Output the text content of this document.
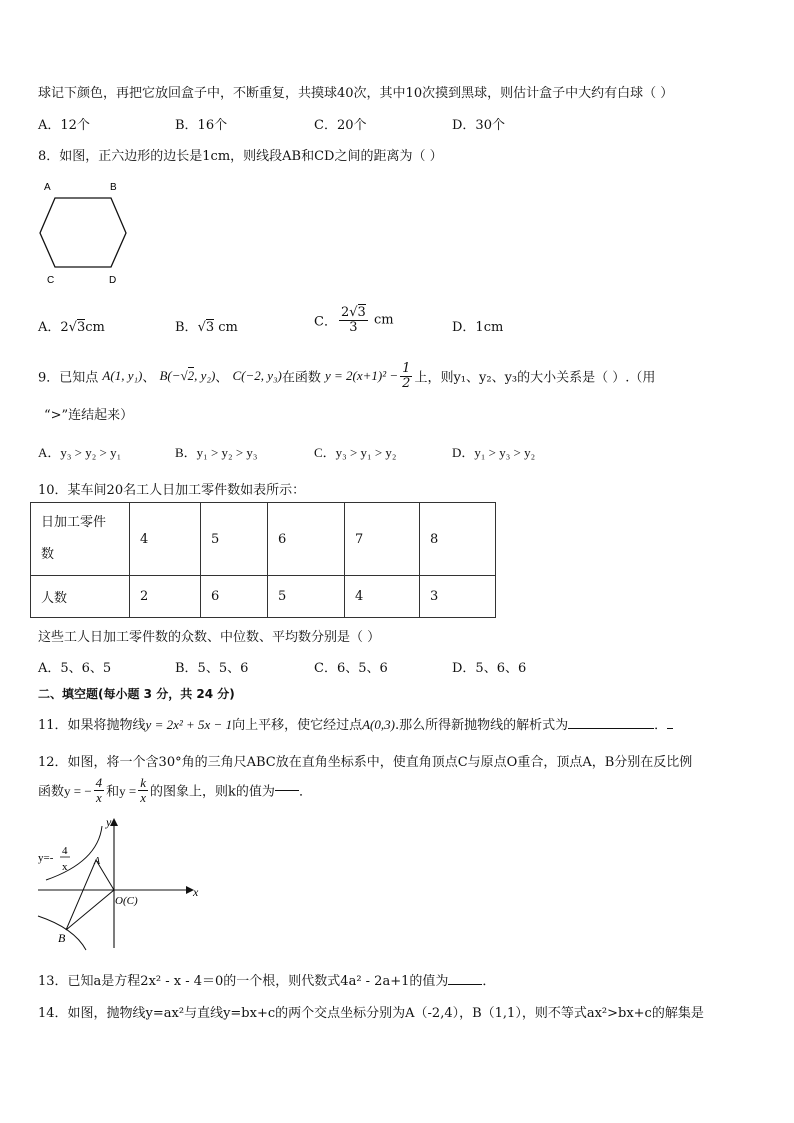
球记下颜色，再把它放回盒子中，不断重复，共摸球40次，其中10次摸到黑球，则估计盒子中大约有白球（ ）
A．12个	B．16个	C．20个	D．30个
8．如图，正六边形的边长是1cm，则线段AB和CD之间的距离为（ ）
A	B
C	D
A．2√3cm	B．√3 cm	C． $\frac{2√3}{3}$ cm	D．1cm
9．已知点 A(1, y₁)、 B(−√2, y₂)、 C(−2, y₃)在函数 $y = 2(x+1)^2 - \frac{1}{2}$ 上，则y₁、y₂、y₃的大小关系是（ ）.（用
“>”连结起来）
A．y₃ > y₂ > y₁	B．y₁ > y₂ > y₃	C．y₃ > y₁ > y₂	D．y₁ > y₃ > y₂
10．某车间20名工人日加工零件数如表所示：
日加工零件
数	4	5	6	7	8
人数	2	6	5	4	3
这些工人日加工零件数的众数、中位数、平均数分别是（ ）
A．5、6、5	B．5、5、6	C．6、5、6	D．5、6、6
二、填空题(每小题 3 分，共 24 分)
11．如果将抛物线y = 2x² + 5x − 1向上平移，使它经过点A(0,3).那么所得新抛物线的解析式为	．
12．如图，将一个含30°角的三角尺ABC放在直角坐标系中，使直角顶点C与原点O重合，顶点A，B分别在反比例
函数y = − $\frac{4}{x}$ 和$y = \frac{k}{x}$ 的图象上，则k的值为 ．
y
x
y=-
4
x	A
B
O(C)
13．已知a是方程2x² - x - 4＝0的一个根，则代数式4a² - 2a+1的值为	．
14．如图，抛物线y=ax²与直线y=bx+c的两个交点坐标分别为A（-2,4），B（1,1），则不等式ax²>bx+c的解集是
